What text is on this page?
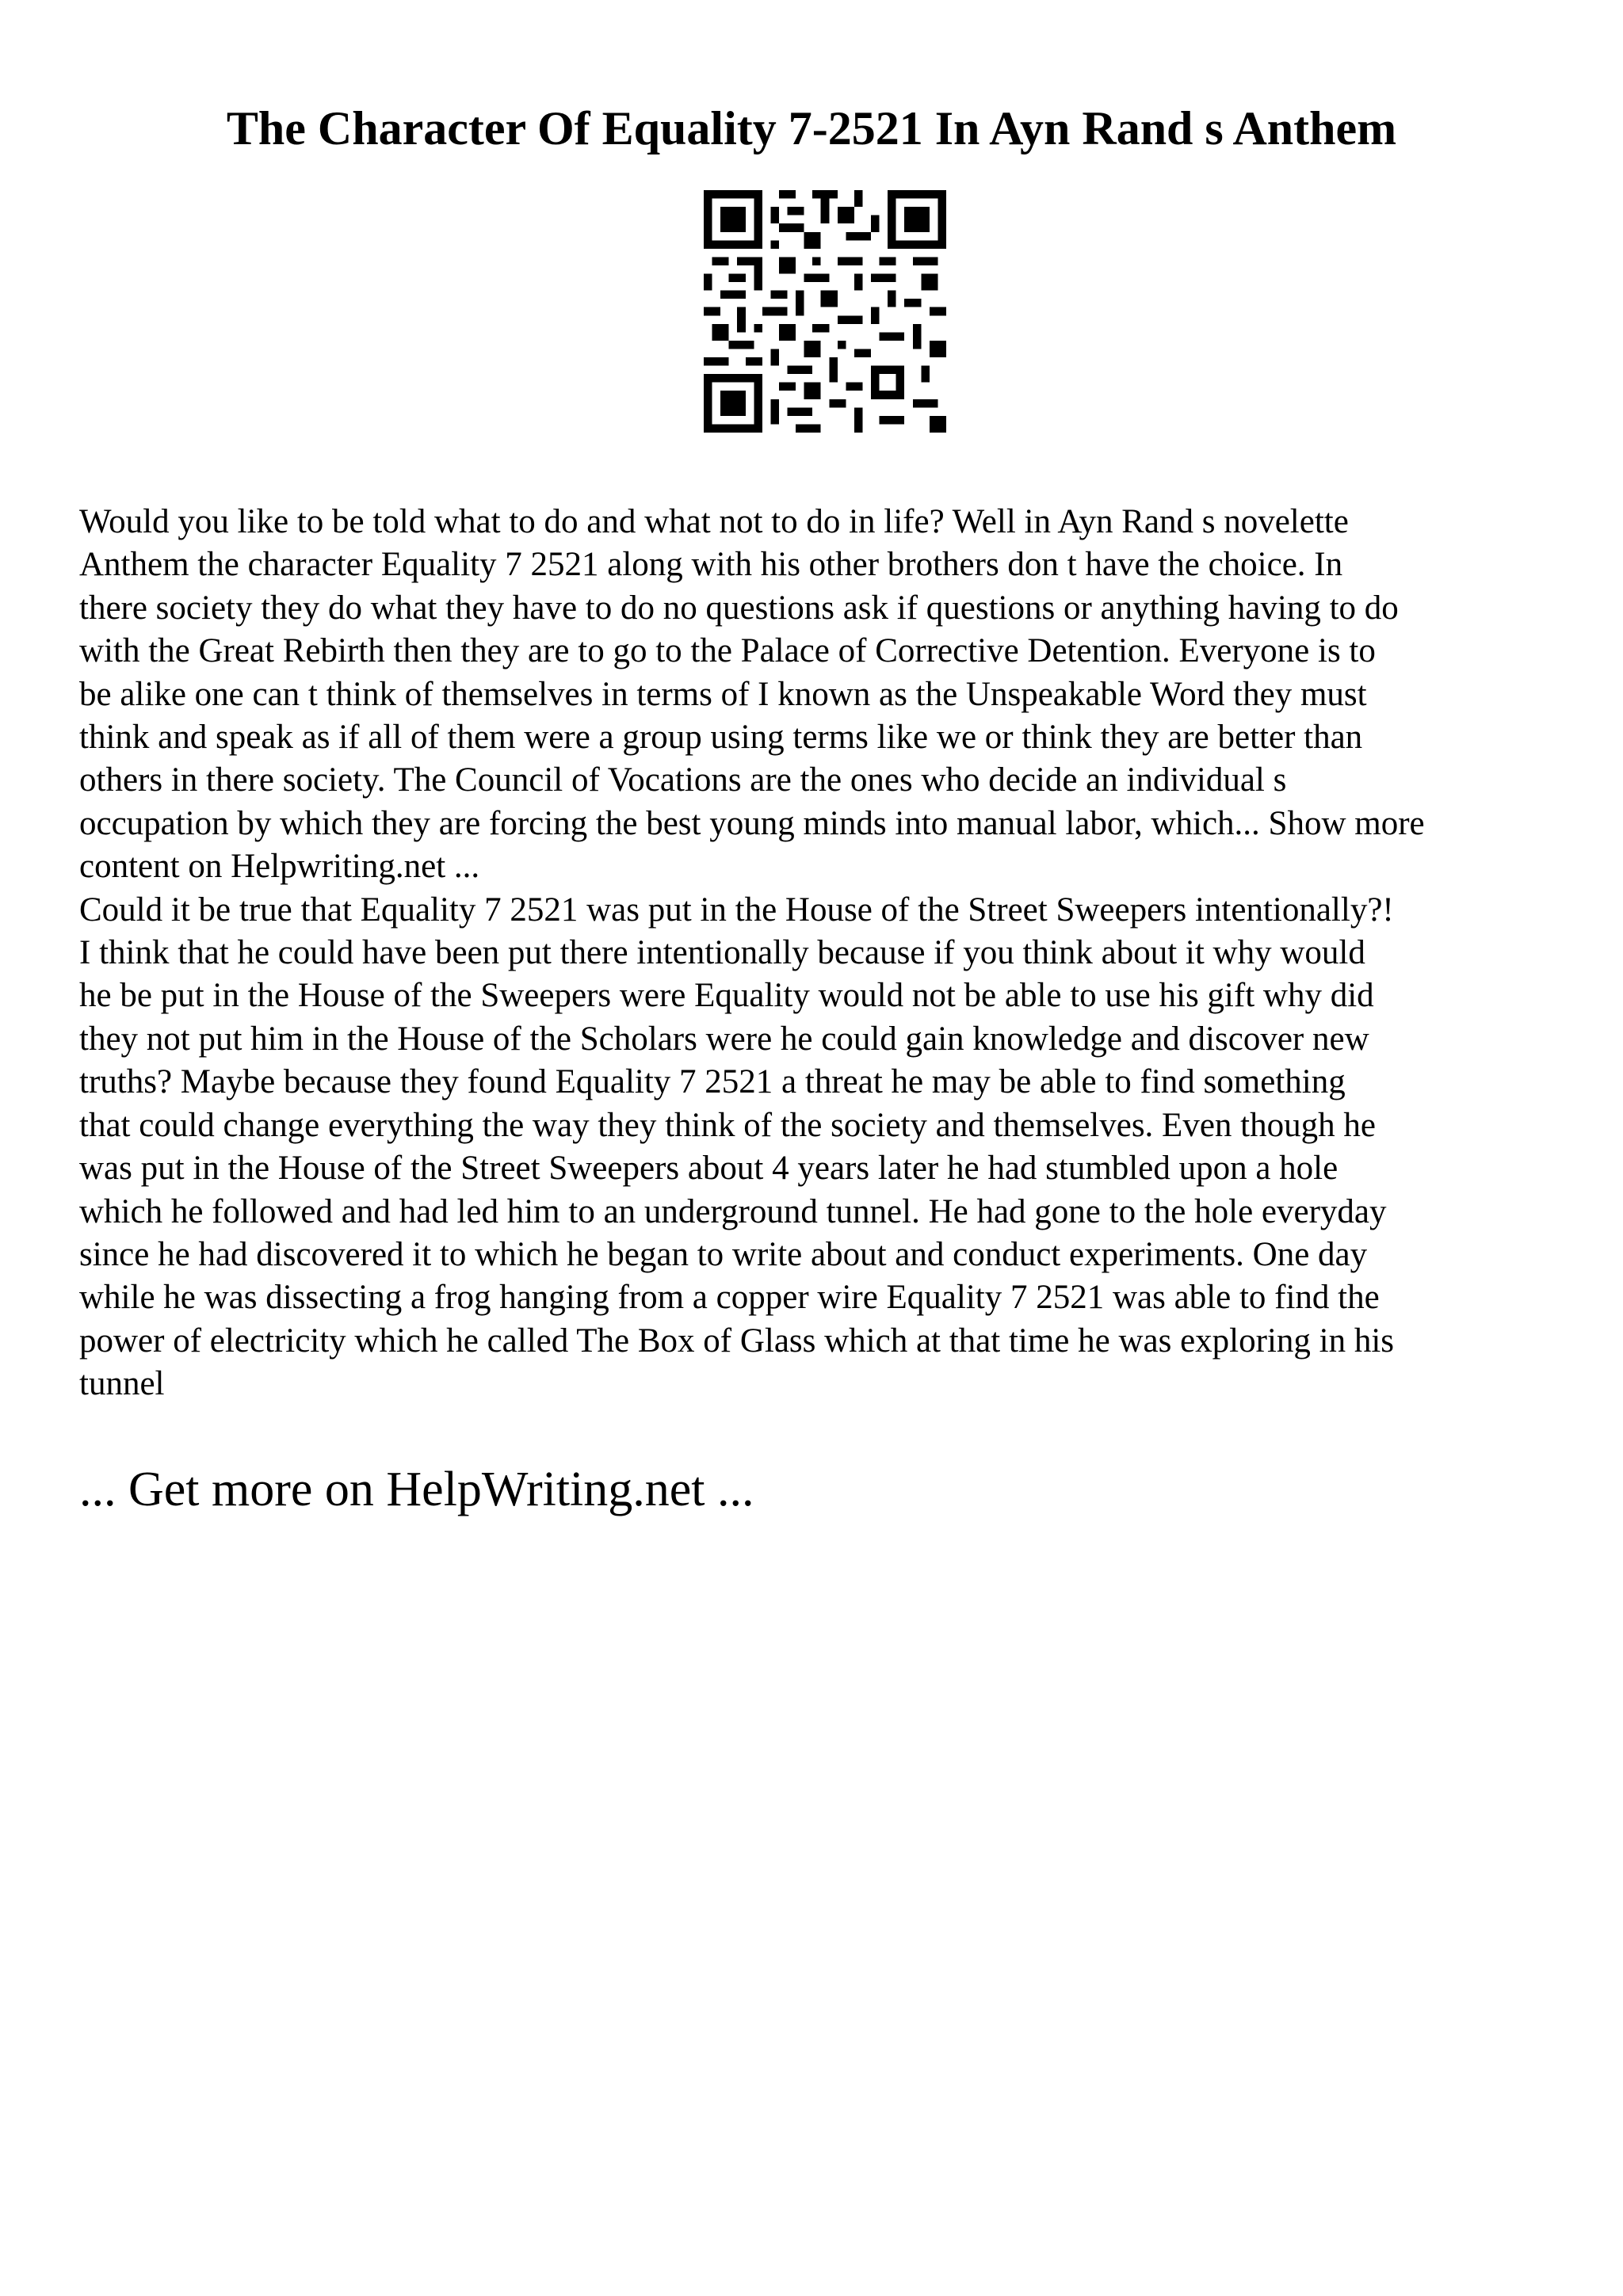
The Character Of Equality 7-2521 In Ayn Rand s Anthem
Would you like to be told what to do and what not to do in life? Well in Ayn Rand s novelette
Anthem the character Equality 7 2521 along with his other brothers don t have the choice. In
there society they do what they have to do no questions ask if questions or anything having to do
with the Great Rebirth then they are to go to the Palace of Corrective Detention. Everyone is to
be alike one can t think of themselves in terms of I known as the Unspeakable Word they must
think and speak as if all of them were a group using terms like we or think they are better than
others in there society. The Council of Vocations are the ones who decide an individual s
occupation by which they are forcing the best young minds into manual labor, which... Show more
content on Helpwriting.net ...
Could it be true that Equality 7 2521 was put in the House of the Street Sweepers intentionally?!
I think that he could have been put there intentionally because if you think about it why would
he be put in the House of the Sweepers were Equality would not be able to use his gift why did
they not put him in the House of the Scholars were he could gain knowledge and discover new
truths? Maybe because they found Equality 7 2521 a threat he may be able to find something
that could change everything the way they think of the society and themselves. Even though he
was put in the House of the Street Sweepers about 4 years later he had stumbled upon a hole
which he followed and had led him to an underground tunnel. He had gone to the hole everyday
since he had discovered it to which he began to write about and conduct experiments. One day
while he was dissecting a frog hanging from a copper wire Equality 7 2521 was able to find the
power of electricity which he called The Box of Glass which at that time he was exploring in his
tunnel
... Get more on HelpWriting.net ...
